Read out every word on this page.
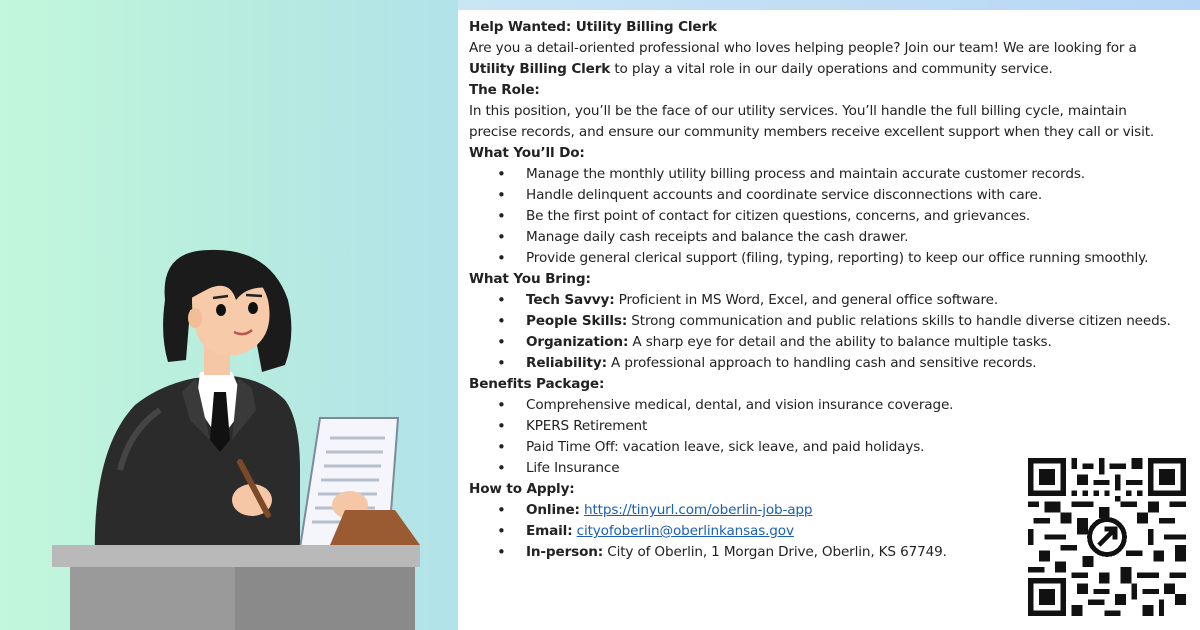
Help Wanted: Utility Billing Clerk
Are you a detail-oriented professional who loves helping people? Join our team! We are looking for a
Utility Billing Clerk to play a vital role in our daily operations and community service.
The Role:
In this position, you’ll be the face of our utility services. You’ll handle the full billing cycle, maintain
precise records, and ensure our community members receive excellent support when they call or visit.
What You’ll Do:
• Manage the monthly utility billing process and maintain accurate customer records.
• Handle delinquent accounts and coordinate service disconnections with care.
• Be the first point of contact for citizen questions, concerns, and grievances.
• Manage daily cash receipts and balance the cash drawer.
• Provide general clerical support (filing, typing, reporting) to keep our office running smoothly.
What You Bring:
• Tech Savvy: Proficient in MS Word, Excel, and general office software.
• People Skills: Strong communication and public relations skills to handle diverse citizen needs.
• Organization: A sharp eye for detail and the ability to balance multiple tasks.
• Reliability: A professional approach to handling cash and sensitive records.
Benefits Package:
• Comprehensive medical, dental, and vision insurance coverage.
• KPERS Retirement
• Paid Time Off: vacation leave, sick leave, and paid holidays.
• Life Insurance
How to Apply:
• Online: https://tinyurl.com/oberlin-job-app
• Email: cityofoberlin@oberlinkansas.gov
• In-person: City of Oberlin, 1 Morgan Drive, Oberlin, KS 67749.
